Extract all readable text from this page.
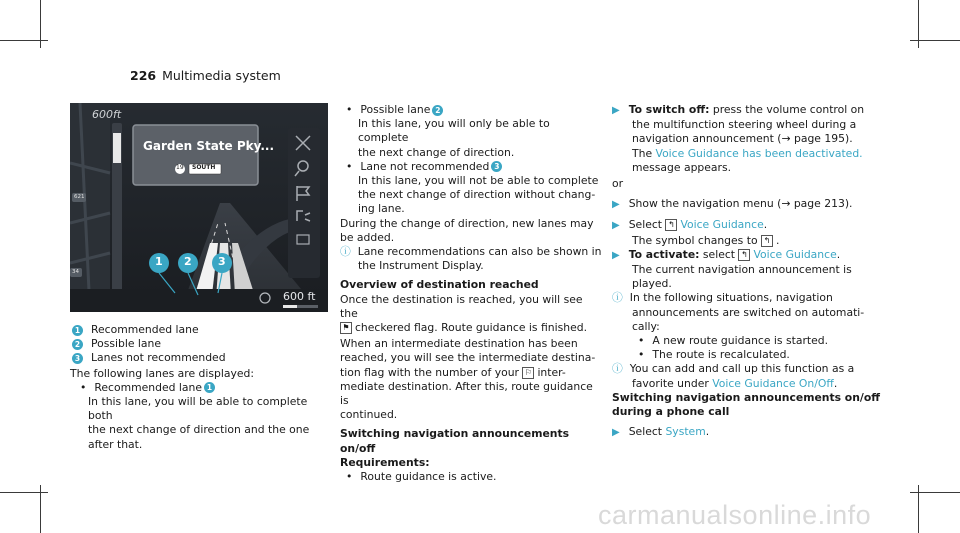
226 Multimedia system
600ft
Garden State Pky...
19 SOUTH
621
34
1 2 3
600 ft

1 Recommended lane

2 Possible lane

3 Lanes not recommended

The following lanes are displayed:

• Recommended lane 1

In this lane, you will be able to complete both

the next change of direction and the one

after that.

• Possible lane 2

In this lane, you will only be able to complete

the next change of direction.

• Lane not recommended 3

In this lane, you will not be able to complete

the next change of direction without chang-

ing lane.

During the change of direction, new lanes may

be added.

ⓘ Lane recommendations can also be shown in

the Instrument Display.

Overview of destination reached

Once the destination is reached, you will see the

⚑ checkered flag. Route guidance is finished.

When an intermediate destination has been

reached, you will see the intermediate destina-

tion flag with the number of your ⚐ inter-

mediate destination. After this, route guidance is

continued.

Switching navigation announcements on/off

Requirements:

• Route guidance is active.

▶ To switch off: press the volume control on

the multifunction steering wheel during a

navigation announcement (→ page 195).

The Voice Guidance has been deactivated.

message appears.

or

▶ Show the navigation menu (→ page 213).

▶ Select ↰ Voice Guidance.

The symbol changes to ↰ .

▶ To activate: select ↰ Voice Guidance.

The current navigation announcement is

played.

ⓘ In the following situations, navigation

announcements are switched on automati-

cally:

• A new route guidance is started.

• The route is recalculated.

ⓘ You can add and call up this function as a

favorite under Voice Guidance On/Off.

Switching navigation announcements on/off

during a phone call

▶ Select System.

carmanualsonline.info
